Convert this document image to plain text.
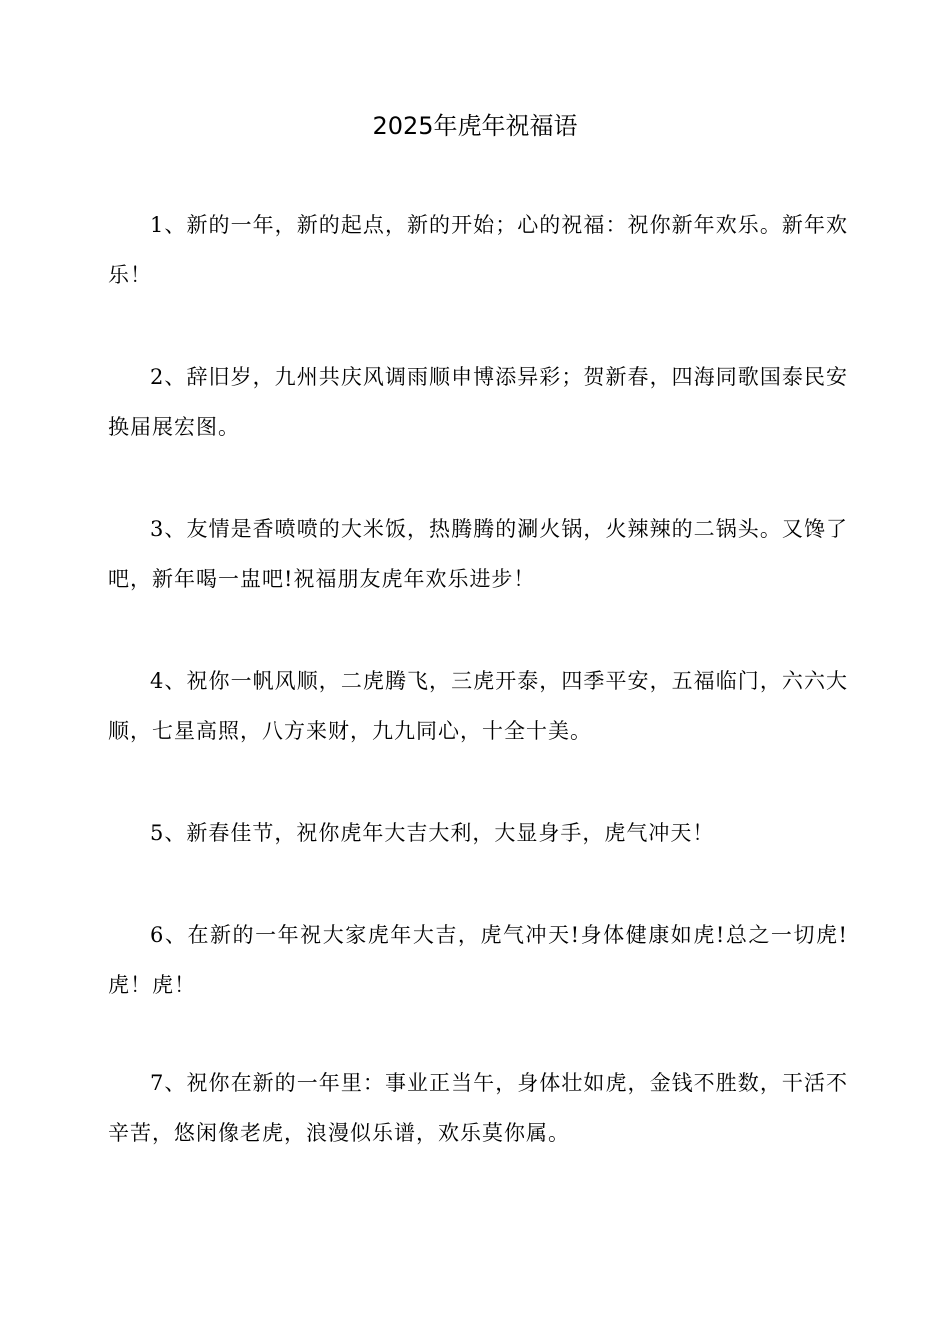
2025年虎年祝福语

1、新的一年，新的起点，新的开始；心的祝福：祝你新年欢乐。新年欢乐！

2、辞旧岁，九州共庆风调雨顺申博添异彩；贺新春，四海同歌国泰民安换届展宏图。

3、友情是香喷喷的大米饭，热腾腾的涮火锅，火辣辣的二锅头。又馋了吧，新年喝一盅吧!祝福朋友虎年欢乐进步！

4、祝你一帆风顺，二虎腾飞，三虎开泰，四季平安，五福临门，六六大顺，七星高照，八方来财，九九同心，十全十美。

5、新春佳节，祝你虎年大吉大利，大显身手，虎气冲天！

6、在新的一年祝大家虎年大吉，虎气冲天!身体健康如虎!总之一切虎!虎！虎！

7、祝你在新的一年里：事业正当午，身体壮如虎，金钱不胜数，干活不辛苦，悠闲像老虎，浪漫似乐谱，欢乐莫你属。
